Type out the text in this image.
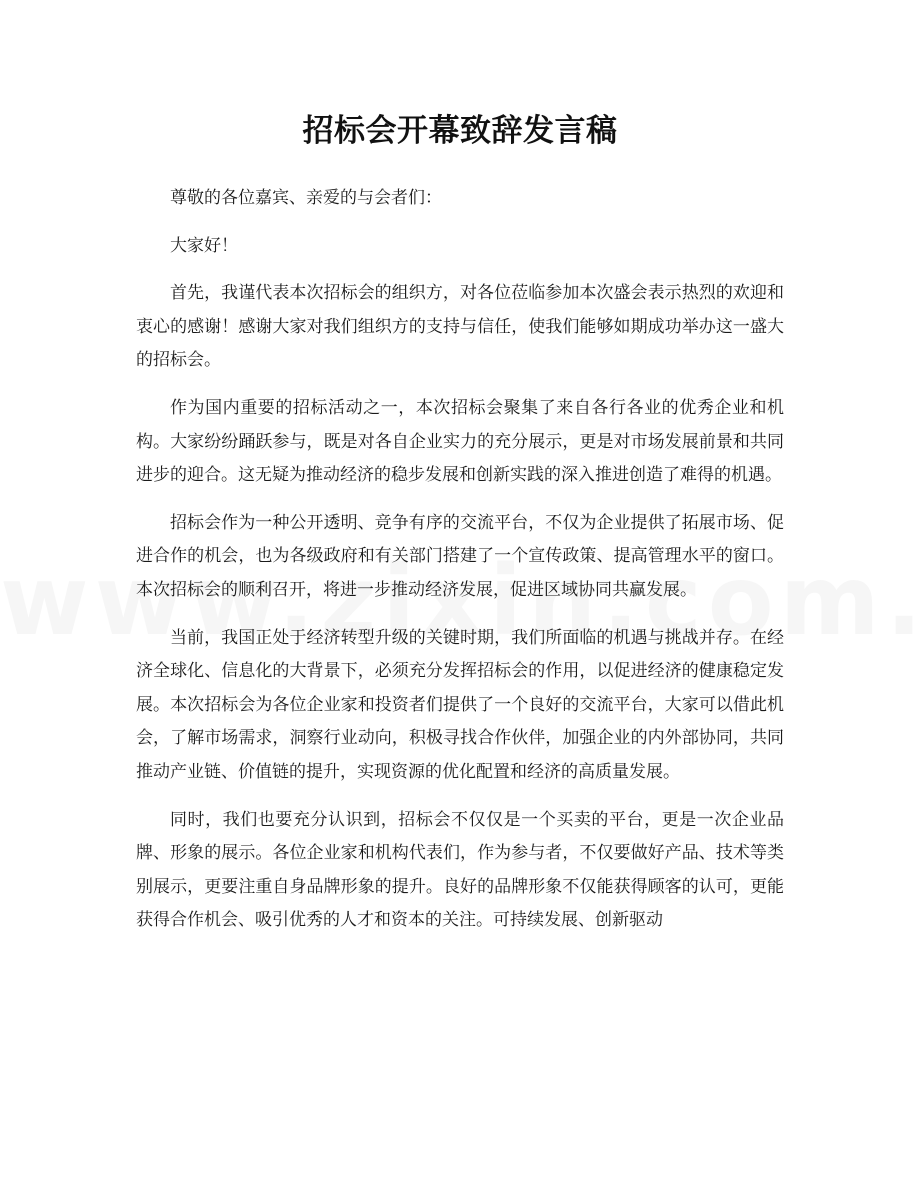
招标会开幕致辞发言稿

尊敬的各位嘉宾、亲爱的与会者们：

大家好！

首先，我谨代表本次招标会的组织方，对各位莅临参加本次盛会表示热烈的欢迎和衷心的感谢！感谢大家对我们组织方的支持与信任，使我们能够如期成功举办这一盛大的招标会。

作为国内重要的招标活动之一，本次招标会聚集了来自各行各业的优秀企业和机构。大家纷纷踊跃参与，既是对各自企业实力的充分展示，更是对市场发展前景和共同进步的迎合。这无疑为推动经济的稳步发展和创新实践的深入推进创造了难得的机遇。

招标会作为一种公开透明、竞争有序的交流平台，不仅为企业提供了拓展市场、促进合作的机会，也为各级政府和有关部门搭建了一个宣传政策、提高管理水平的窗口。本次招标会的顺利召开，将进一步推动经济发展，促进区域协同共赢发展。

当前，我国正处于经济转型升级的关键时期，我们所面临的机遇与挑战并存。在经济全球化、信息化的大背景下，必须充分发挥招标会的作用，以促进经济的健康稳定发展。本次招标会为各位企业家和投资者们提供了一个良好的交流平台，大家可以借此机会，了解市场需求，洞察行业动向，积极寻找合作伙伴，加强企业的内外部协同，共同推动产业链、价值链的提升，实现资源的优化配置和经济的高质量发展。

同时，我们也要充分认识到，招标会不仅仅是一个买卖的平台，更是一次企业品牌、形象的展示。各位企业家和机构代表们，作为参与者，不仅要做好产品、技术等类别展示，更要注重自身品牌形象的提升。良好的品牌形象不仅能获得顾客的认可，更能获得合作机会、吸引优秀的人才和资本的关注。可持续发展、创新驱动
